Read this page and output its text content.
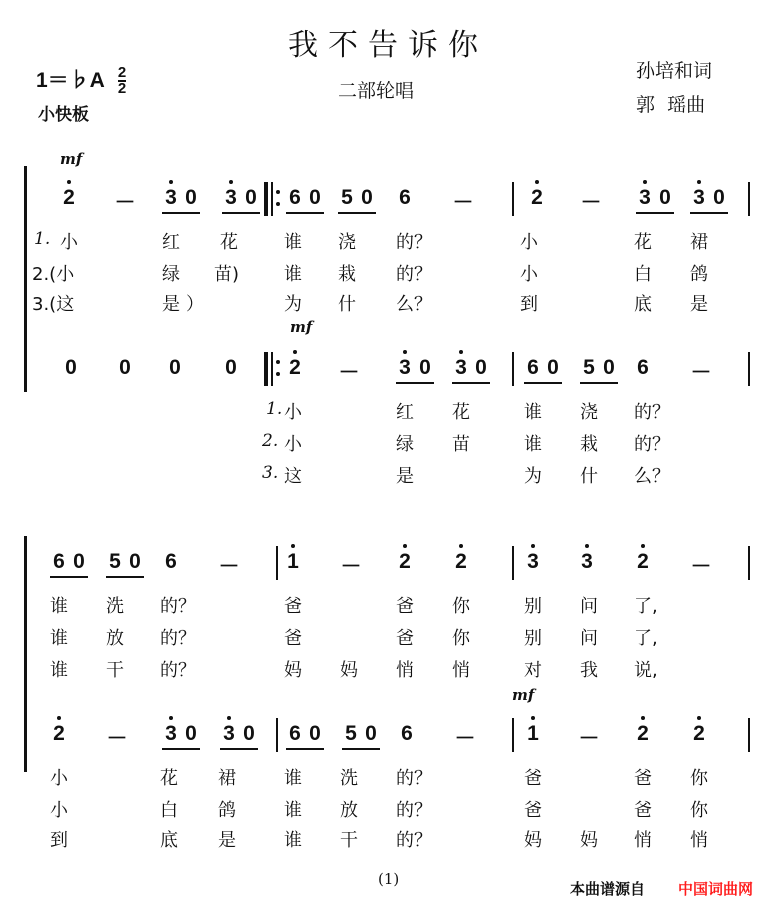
我不告诉你
二部轮唱
孙培和词
郭  瑶曲
1＝♭A $\frac{2}{2}$
小快板
mf
mf
mf
2 － 3 0 3 0 6 0 5 0 6 －	2 － 3 0 3 0
1. 小	红 花	谁 浇 的？	小	花 裙
2.(小	绿 苗) 谁 栽 的？	小	白 鸽
3.(这	是 ）	为 什 么？	到	底 是
0 0 0 0 2 － 3 0 3 0 6 0 5 0 6 －
1. 小	红 花	谁 浇 的？
2. 小	绿 苗	谁 栽 的？
3. 这	是	为 什 么？
6 0 5 0 6 － 1 － 2 2	3 3 2 －
谁 洗 的？	爸	爸 你	别 问 了,
谁 放 的？	爸	爸 你	别 问 了,
谁 干 的？	妈 妈 悄 悄	对 我 说,
2 － 3 0 3 0 6 0 5 0 6 － 1 － 2 2
小	花 裙	谁 洗 的？	爸	爸 你
小	白 鸽	谁 放 的？	爸	爸 你
到	底 是	谁 干 的？	妈 妈 悄 悄
(1)
本曲谱源自 中国词曲网
